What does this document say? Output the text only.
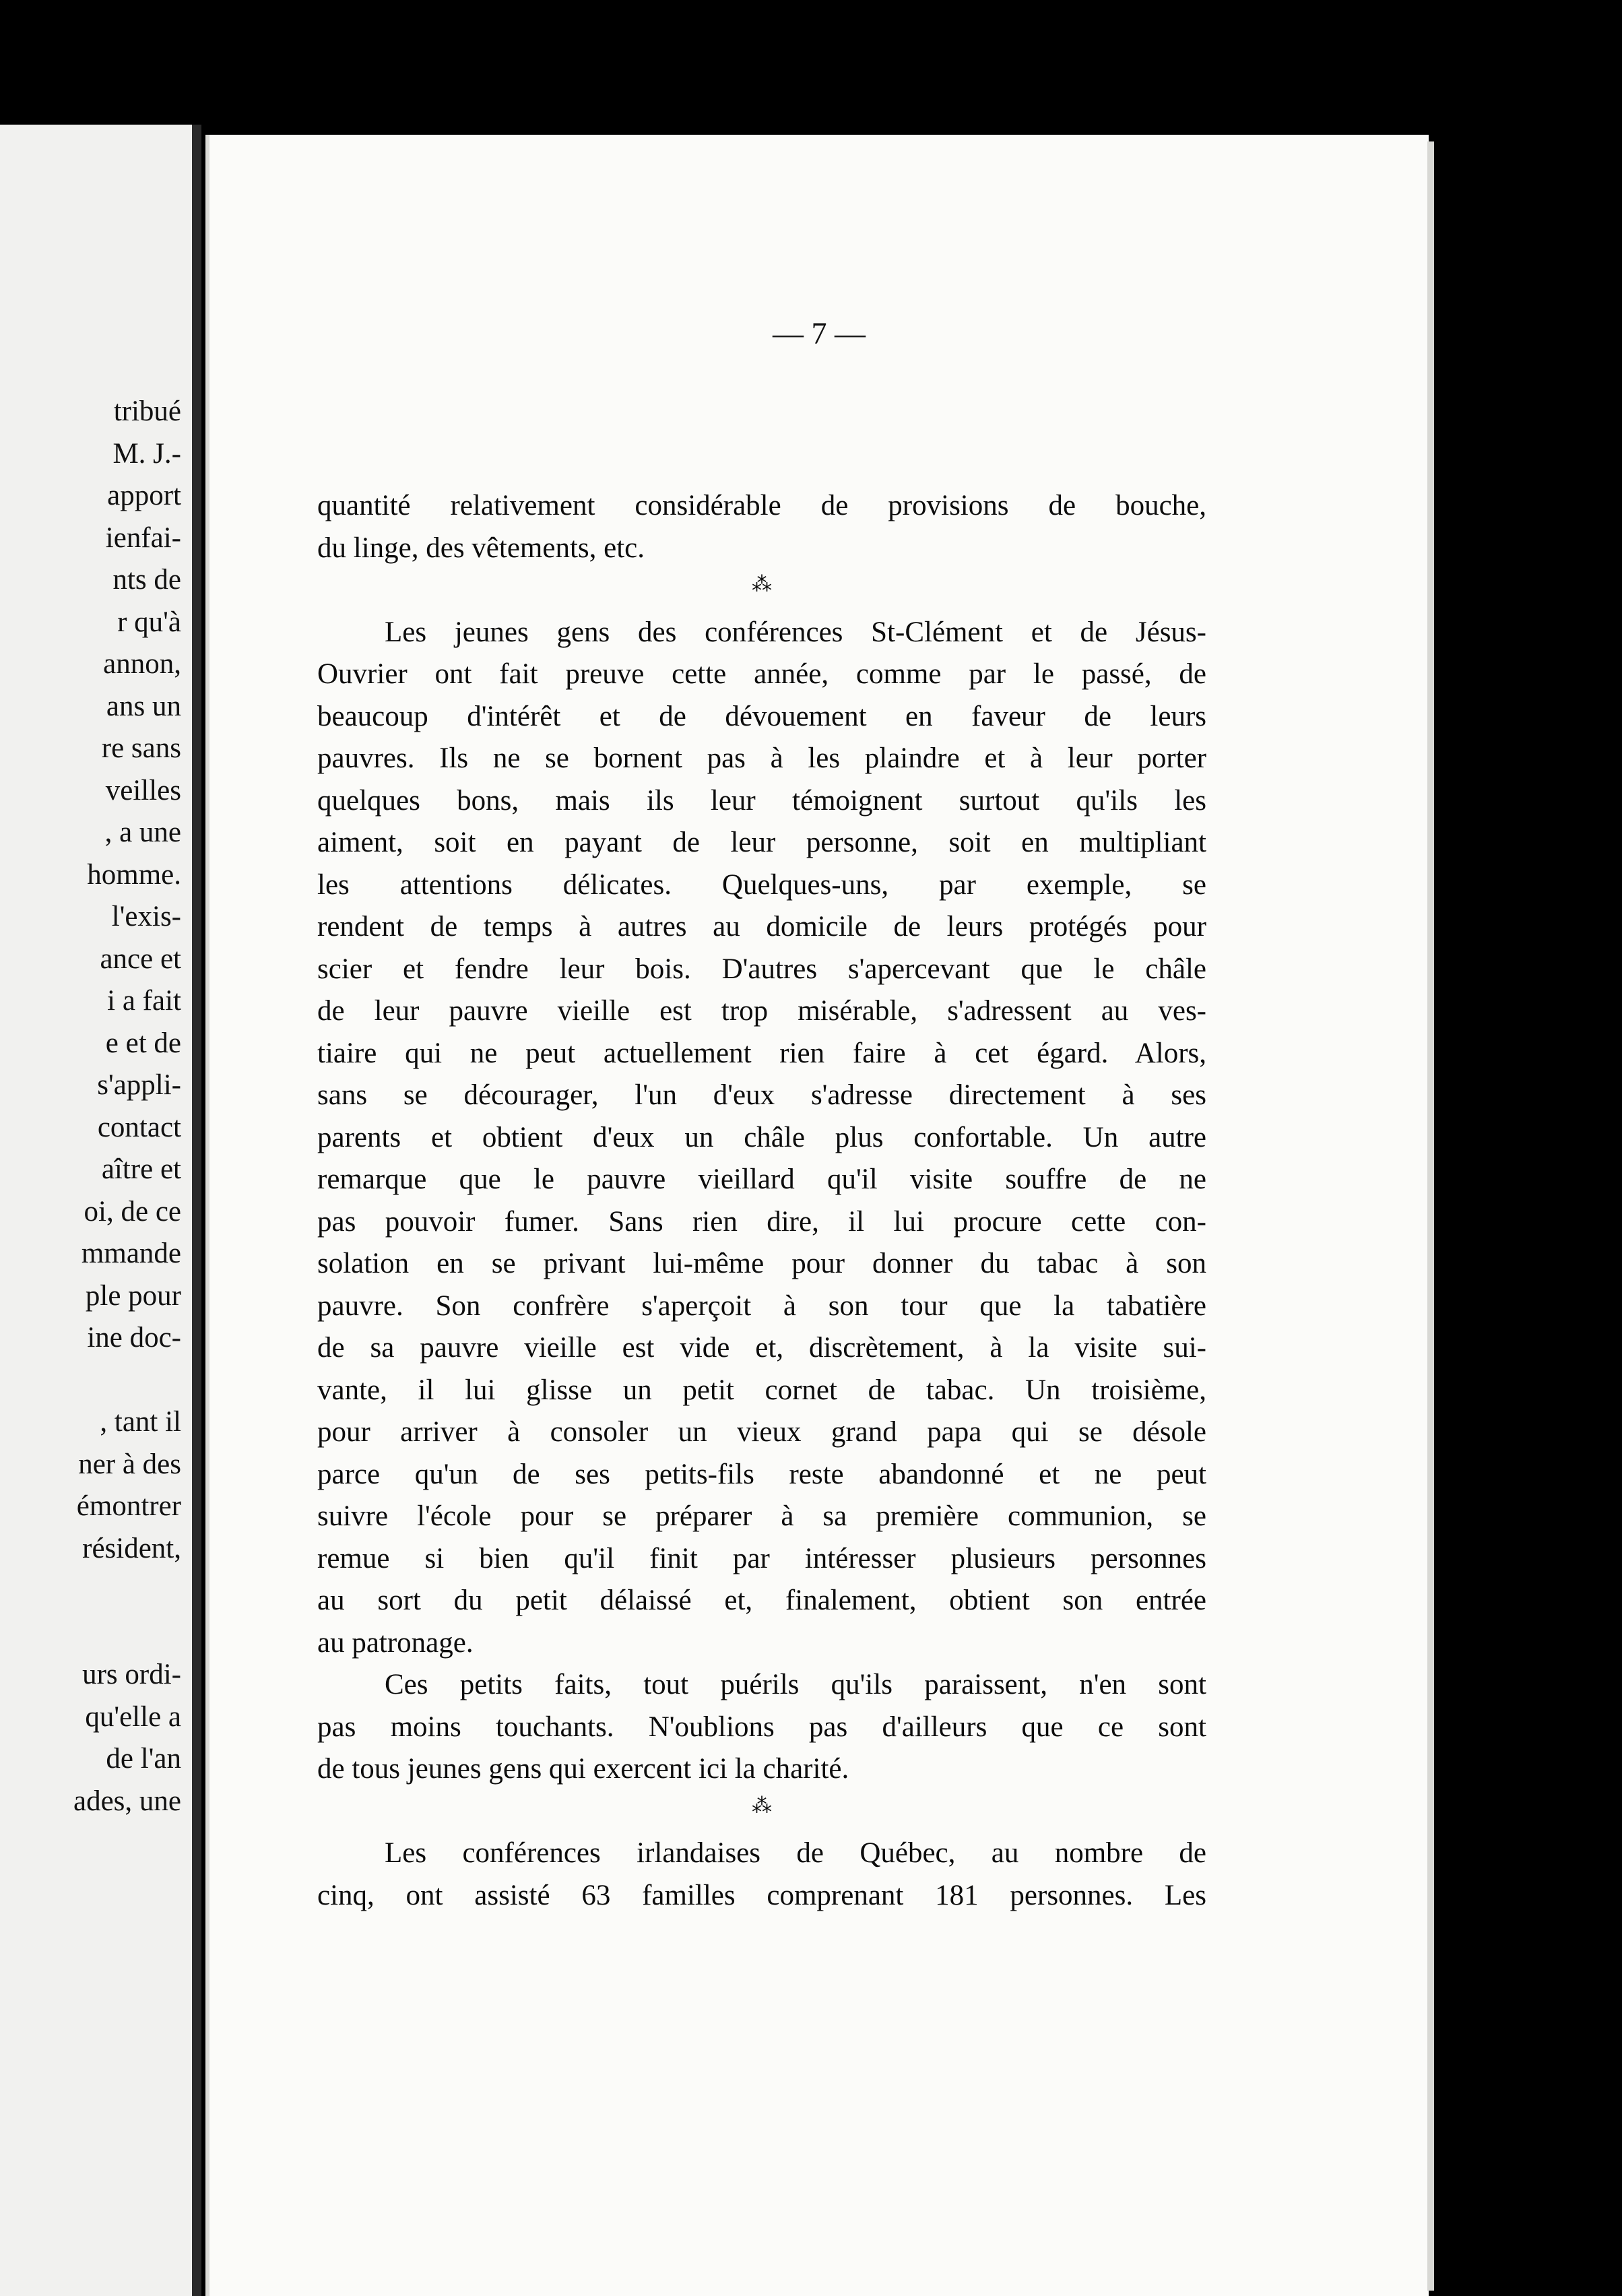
tribué
M. J.-
apport
ienfai-
nts de
r qu'à
annon,
ans un
re sans
veilles
, a une
homme.
l'exis-
ance et
i a fait
e et de
s'appli-
contact
aître et
oi, de ce
mmande
ple pour
ine doc-
, tant il
ner à des
émontrer
résident,
urs ordi-
qu'elle a
de l'an
ades, une
— 7 —
quantité relativement considérable de provisions de bouche,
du linge, des vêtements, etc.
⁂
Les jeunes gens des conférences St-Clément et de Jésus-
Ouvrier ont fait preuve cette année, comme par le passé, de
beaucoup d'intérêt et de dévouement en faveur de leurs
pauvres. Ils ne se bornent pas à les plaindre et à leur porter
quelques bons, mais ils leur témoignent surtout qu'ils les
aiment, soit en payant de leur personne, soit en multipliant
les attentions délicates. Quelques-uns, par exemple, se
rendent de temps à autres au domicile de leurs protégés pour
scier et fendre leur bois. D'autres s'apercevant que le châle
de leur pauvre vieille est trop misérable, s'adressent au ves-
tiaire qui ne peut actuellement rien faire à cet égard. Alors,
sans se décourager, l'un d'eux s'adresse directement à ses
parents et obtient d'eux un châle plus confortable. Un autre
remarque que le pauvre vieillard qu'il visite souffre de ne
pas pouvoir fumer. Sans rien dire, il lui procure cette con-
solation en se privant lui-même pour donner du tabac à son
pauvre. Son confrère s'aperçoit à son tour que la tabatière
de sa pauvre vieille est vide et, discrètement, à la visite sui-
vante, il lui glisse un petit cornet de tabac. Un troisième,
pour arriver à consoler un vieux grand papa qui se désole
parce qu'un de ses petits-fils reste abandonné et ne peut
suivre l'école pour se préparer à sa première communion, se
remue si bien qu'il finit par intéresser plusieurs personnes
au sort du petit délaissé et, finalement, obtient son entrée
au patronage.
Ces petits faits, tout puérils qu'ils paraissent, n'en sont
pas moins touchants. N'oublions pas d'ailleurs que ce sont
de tous jeunes gens qui exercent ici la charité.
⁂
Les conférences irlandaises de Québec, au nombre de
cinq, ont assisté 63 familles comprenant 181 personnes. Les
